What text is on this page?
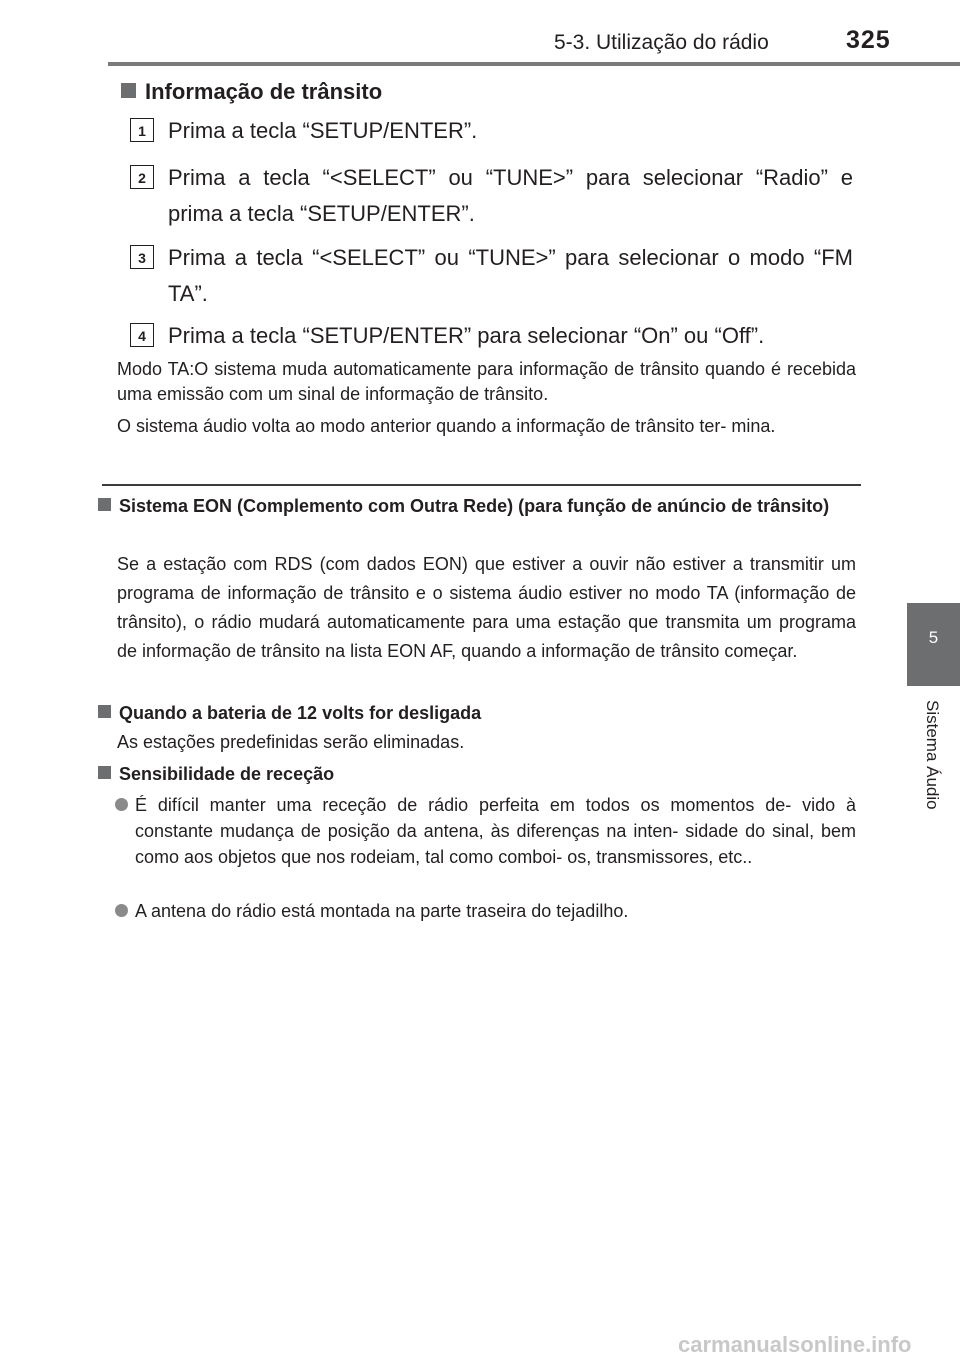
5-3. Utilização do rádio	325
5
Sistema Áudio
Informação de trânsito
1 Prima a tecla “SETUP/ENTER”.
2 Prima a tecla “<SELECT” ou “TUNE>” para selecionar “Radio” e prima a tecla “SETUP/ENTER”.
3 Prima a tecla “<SELECT” ou “TUNE>” para selecionar o modo “FM TA”.
4 Prima a tecla “SETUP/ENTER” para selecionar “On” ou “Off”.
Modo TA:O sistema muda automaticamente para informação de trânsito quando é recebida uma emissão com um sinal de informação de trânsito.
O sistema áudio volta ao modo anterior quando a informação de trânsito ter- mina.
Sistema EON (Complemento com Outra Rede) (para função de anúncio de trânsito)
Se a estação com RDS (com dados EON) que estiver a ouvir não estiver a transmitir um programa de informação de trânsito e o sistema áudio estiver no modo TA (informação de trânsito), o rádio mudará automaticamente para uma estação que transmita um programa de informação de trânsito na lista EON AF, quando a informação de trânsito começar.
Quando a bateria de 12 volts for desligada
As estações predefinidas serão eliminadas.
Sensibilidade de receção
É difícil manter uma receção de rádio perfeita em todos os momentos de- vido à constante mudança de posição da antena, às diferenças na inten- sidade do sinal, bem como aos objetos que nos rodeiam, tal como comboi- os, transmissores, etc..
A antena do rádio está montada na parte traseira do tejadilho.
carmanualsonline.info
